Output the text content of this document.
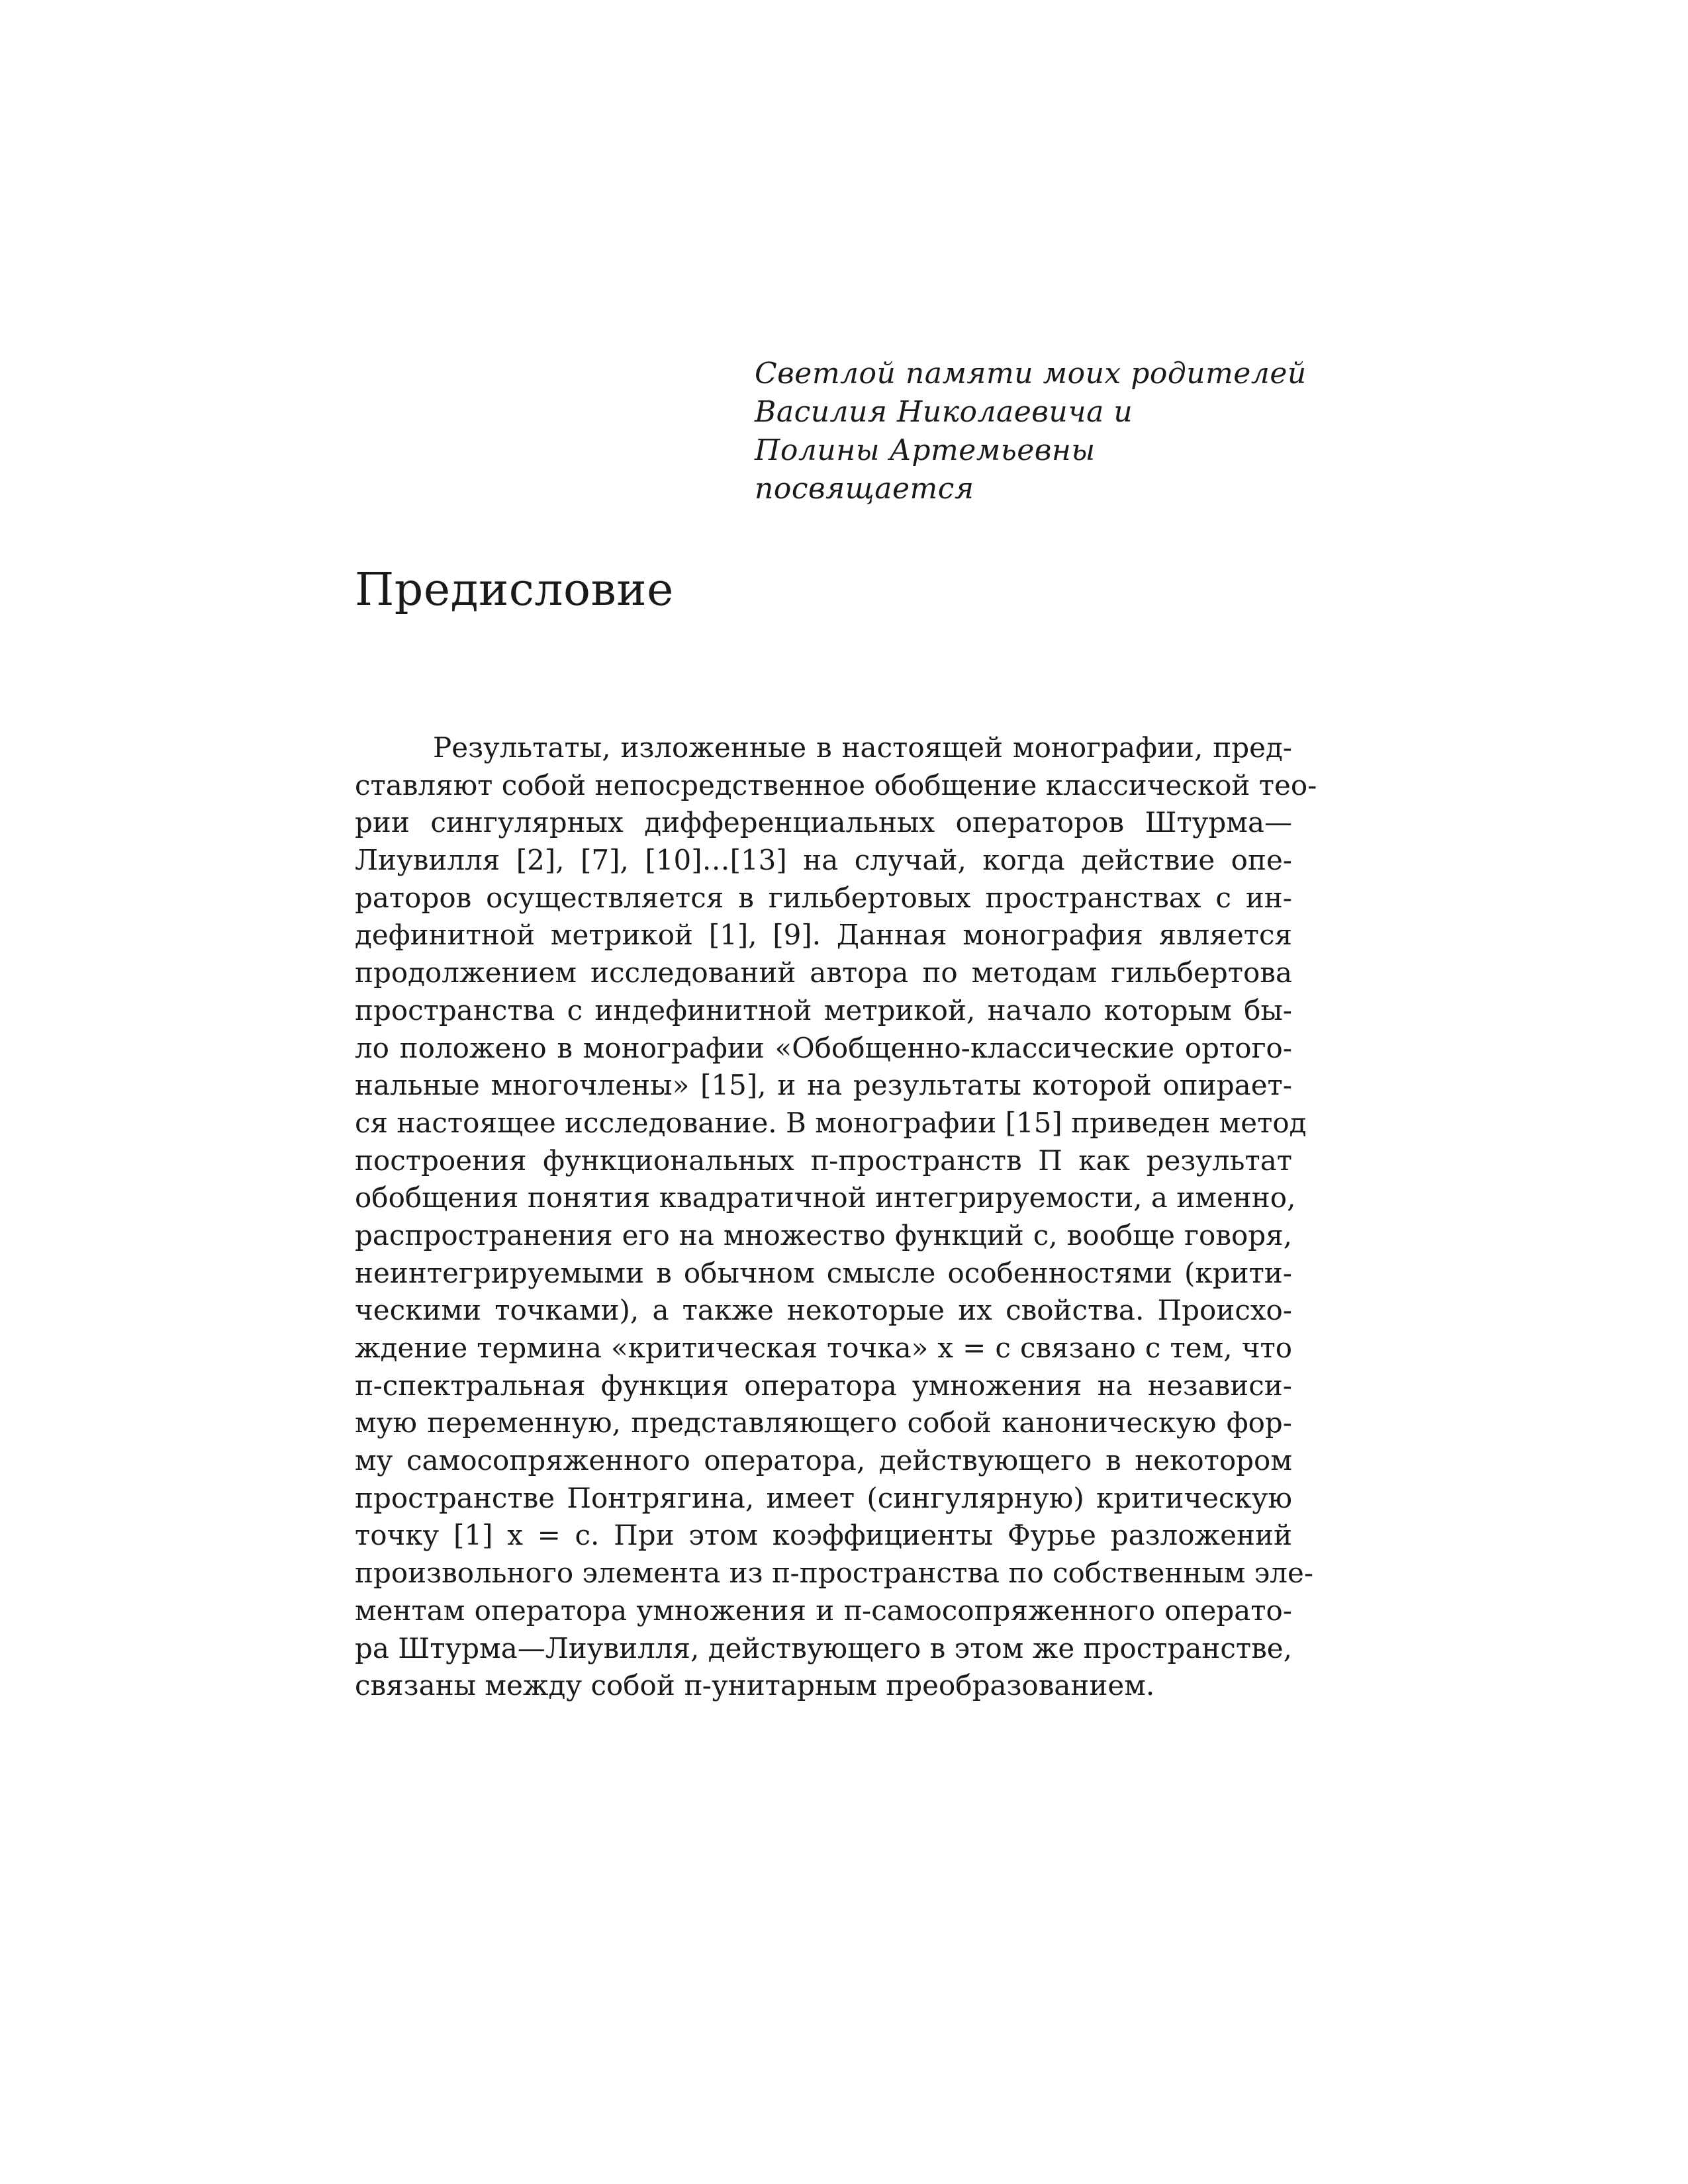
Светлой памяти моих родителей
Василия Николаевича и
Полины Артемьевны
посвящается
Предисловие
Результаты, изложенные в настоящей монографии, пред-
ставляют собой непосредственное обобщение классической тео-
рии сингулярных дифференциальных операторов Штурма—
Лиувилля [2], [7], [10]…[13] на случай, когда действие опе-
раторов осуществляется в гильбертовых пространствах с ин-
дефинитной метрикой [1], [9]. Данная монография является
продолжением исследований автора по методам гильбертова
пространства с индефинитной метрикой, начало которым бы-
ло положено в монографии «Обобщенно-классические ортого-
нальные многочлены» [15], и на результаты которой опирает-
ся настоящее исследование. В монографии [15] приведен метод
построения функциональных π-пространств Π как результат
обобщения понятия квадратичной интегрируемости, а именно,
распространения его на множество функций с, вообще говоря,
неинтегрируемыми в обычном смысле особенностями (крити-
ческими точками), а также некоторые их свойства. Происхо-
ждение термина «критическая точка» x = c связано с тем, что
π-спектральная функция оператора умножения на независи-
мую переменную, представляющего собой каноническую фор-
му самосопряженного оператора, действующего в некотором
пространстве Понтрягина, имеет (сингулярную) критическую
точку [1] x = c. При этом коэффициенты Фурье разложений
произвольного элемента из π-пространства по собственным эле-
ментам оператора умножения и π-самосопряженного операто-
ра Штурма—Лиувилля, действующего в этом же пространстве,
связаны между собой π-унитарным преобразованием.
